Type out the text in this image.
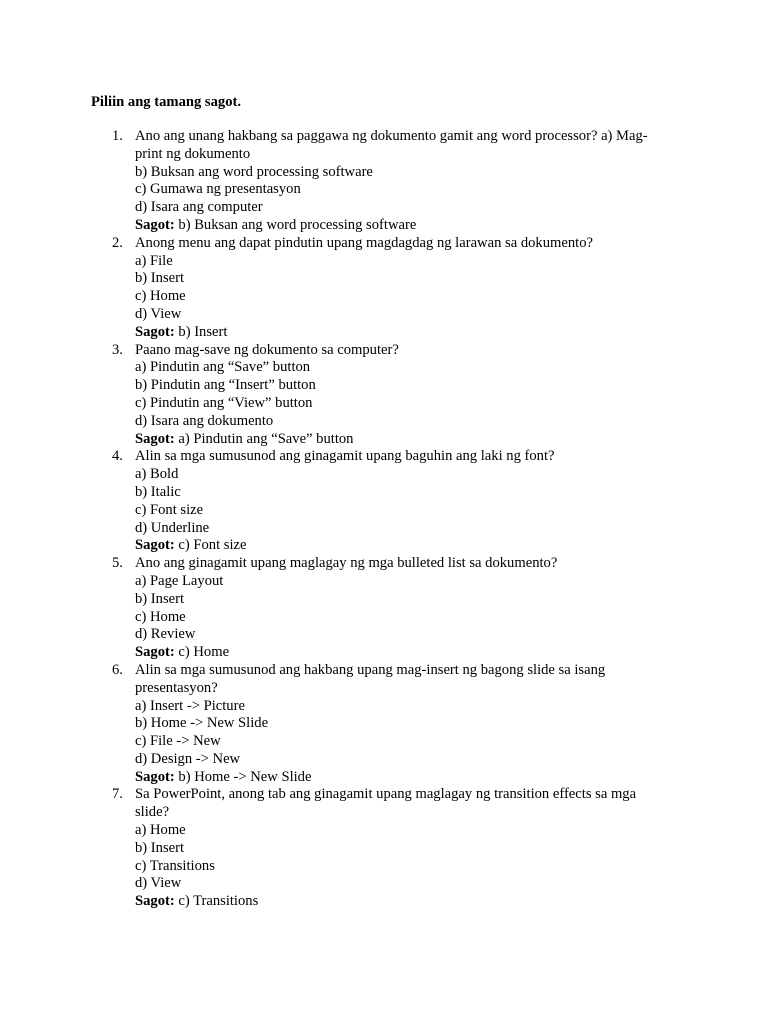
Piliin ang tamang sagot.

1. Ano ang unang hakbang sa paggawa ng dokumento gamit ang word processor? a) Mag-print ng dokumento
b) Buksan ang word processing software
c) Gumawa ng presentasyon
d) Isara ang computer
Sagot: b) Buksan ang word processing software
2. Anong menu ang dapat pindutin upang magdagdag ng larawan sa dokumento?
a) File
b) Insert
c) Home
d) View
Sagot: b) Insert
3. Paano mag-save ng dokumento sa computer?
a) Pindutin ang “Save” button
b) Pindutin ang “Insert” button
c) Pindutin ang “View” button
d) Isara ang dokumento
Sagot: a) Pindutin ang “Save” button
4. Alin sa mga sumusunod ang ginagamit upang baguhin ang laki ng font?
a) Bold
b) Italic
c) Font size
d) Underline
Sagot: c) Font size
5. Ano ang ginagamit upang maglagay ng mga bulleted list sa dokumento?
a) Page Layout
b) Insert
c) Home
d) Review
Sagot: c) Home
6. Alin sa mga sumusunod ang hakbang upang mag-insert ng bagong slide sa isang presentasyon?
a) Insert -> Picture
b) Home -> New Slide
c) File -> New
d) Design -> New
Sagot: b) Home -> New Slide
7. Sa PowerPoint, anong tab ang ginagamit upang maglagay ng transition effects sa mga slide?
a) Home
b) Insert
c) Transitions
d) View
Sagot: c) Transitions
